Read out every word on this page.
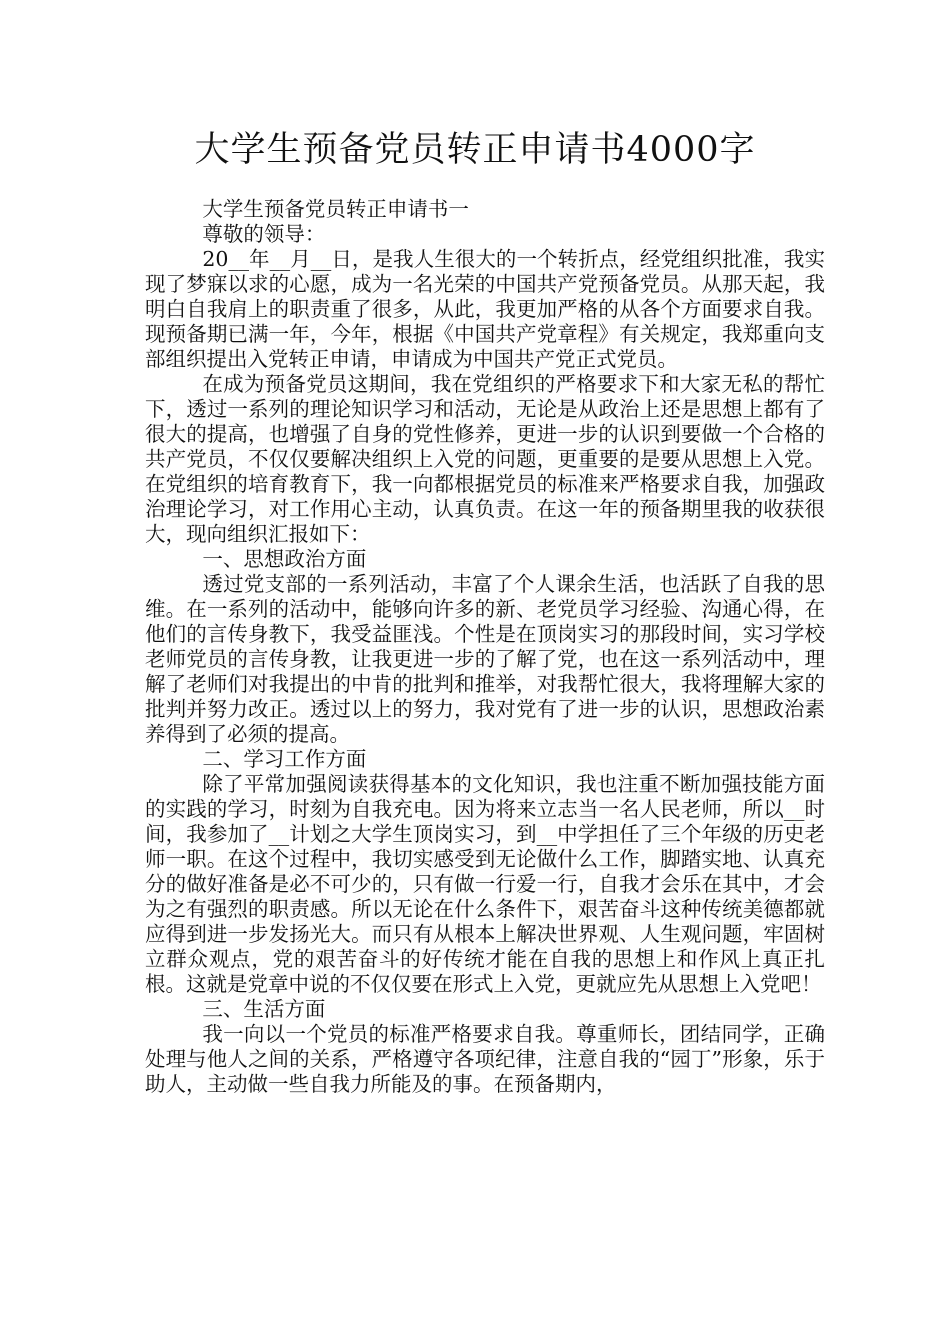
大学生预备党员转正申请书4000字

大学生预备党员转正申请书一

尊敬的领导：

20__年__月__日，是我人生很大的一个转折点，经党组织批准，我实现了梦寐以求的心愿，成为一名光荣的中国共产党预备党员。从那天起，我明白自我肩上的职责重了很多，从此，我更加严格的从各个方面要求自我。现预备期已满一年，今年，根据《中国共产党章程》有关规定，我郑重向支部组织提出入党转正申请，申请成为中国共产党正式党员。

在成为预备党员这期间，我在党组织的严格要求下和大家无私的帮忙下，透过一系列的理论知识学习和活动，无论是从政治上还是思想上都有了很大的提高，也增强了自身的党性修养，更进一步的认识到要做一个合格的共产党员，不仅仅要解决组织上入党的问题，更重要的是要从思想上入党。在党组织的培育教育下，我一向都根据党员的标准来严格要求自我，加强政治理论学习，对工作用心主动，认真负责。在这一年的预备期里我的收获很大，现向组织汇报如下：

一、思想政治方面

透过党支部的一系列活动，丰富了个人课余生活，也活跃了自我的思维。在一系列的活动中，能够向许多的新、老党员学习经验、沟通心得，在他们的言传身教下，我受益匪浅。个性是在顶岗实习的那段时间，实习学校老师党员的言传身教，让我更进一步的了解了党，也在这一系列活动中，理解了老师们对我提出的中肯的批判和推举，对我帮忙很大，我将理解大家的批判并努力改正。透过以上的努力，我对党有了进一步的认识，思想政治素养得到了必须的提高。

二、学习工作方面

除了平常加强阅读获得基本的文化知识，我也注重不断加强技能方面的实践的学习，时刻为自我充电。因为将来立志当一名人民老师，所以__时间，我参加了__计划之大学生顶岗实习，到__中学担任了三个年级的历史老师一职。在这个过程中，我切实感受到无论做什么工作，脚踏实地、认真充分的做好准备是必不可少的，只有做一行爱一行，自我才会乐在其中，才会为之有强烈的职责感。所以无论在什么条件下，艰苦奋斗这种传统美德都就应得到进一步发扬光大。而只有从根本上解决世界观、人生观问题，牢固树立群众观点，党的艰苦奋斗的好传统才能在自我的思想上和作风上真正扎根。这就是党章中说的不仅仅要在形式上入党，更就应先从思想上入党吧！

三、生活方面

我一向以一个党员的标准严格要求自我。尊重师长，团结同学，正确处理与他人之间的关系，严格遵守各项纪律，注意自我的“园丁”形象，乐于助人，主动做一些自我力所能及的事。在预备期内，
